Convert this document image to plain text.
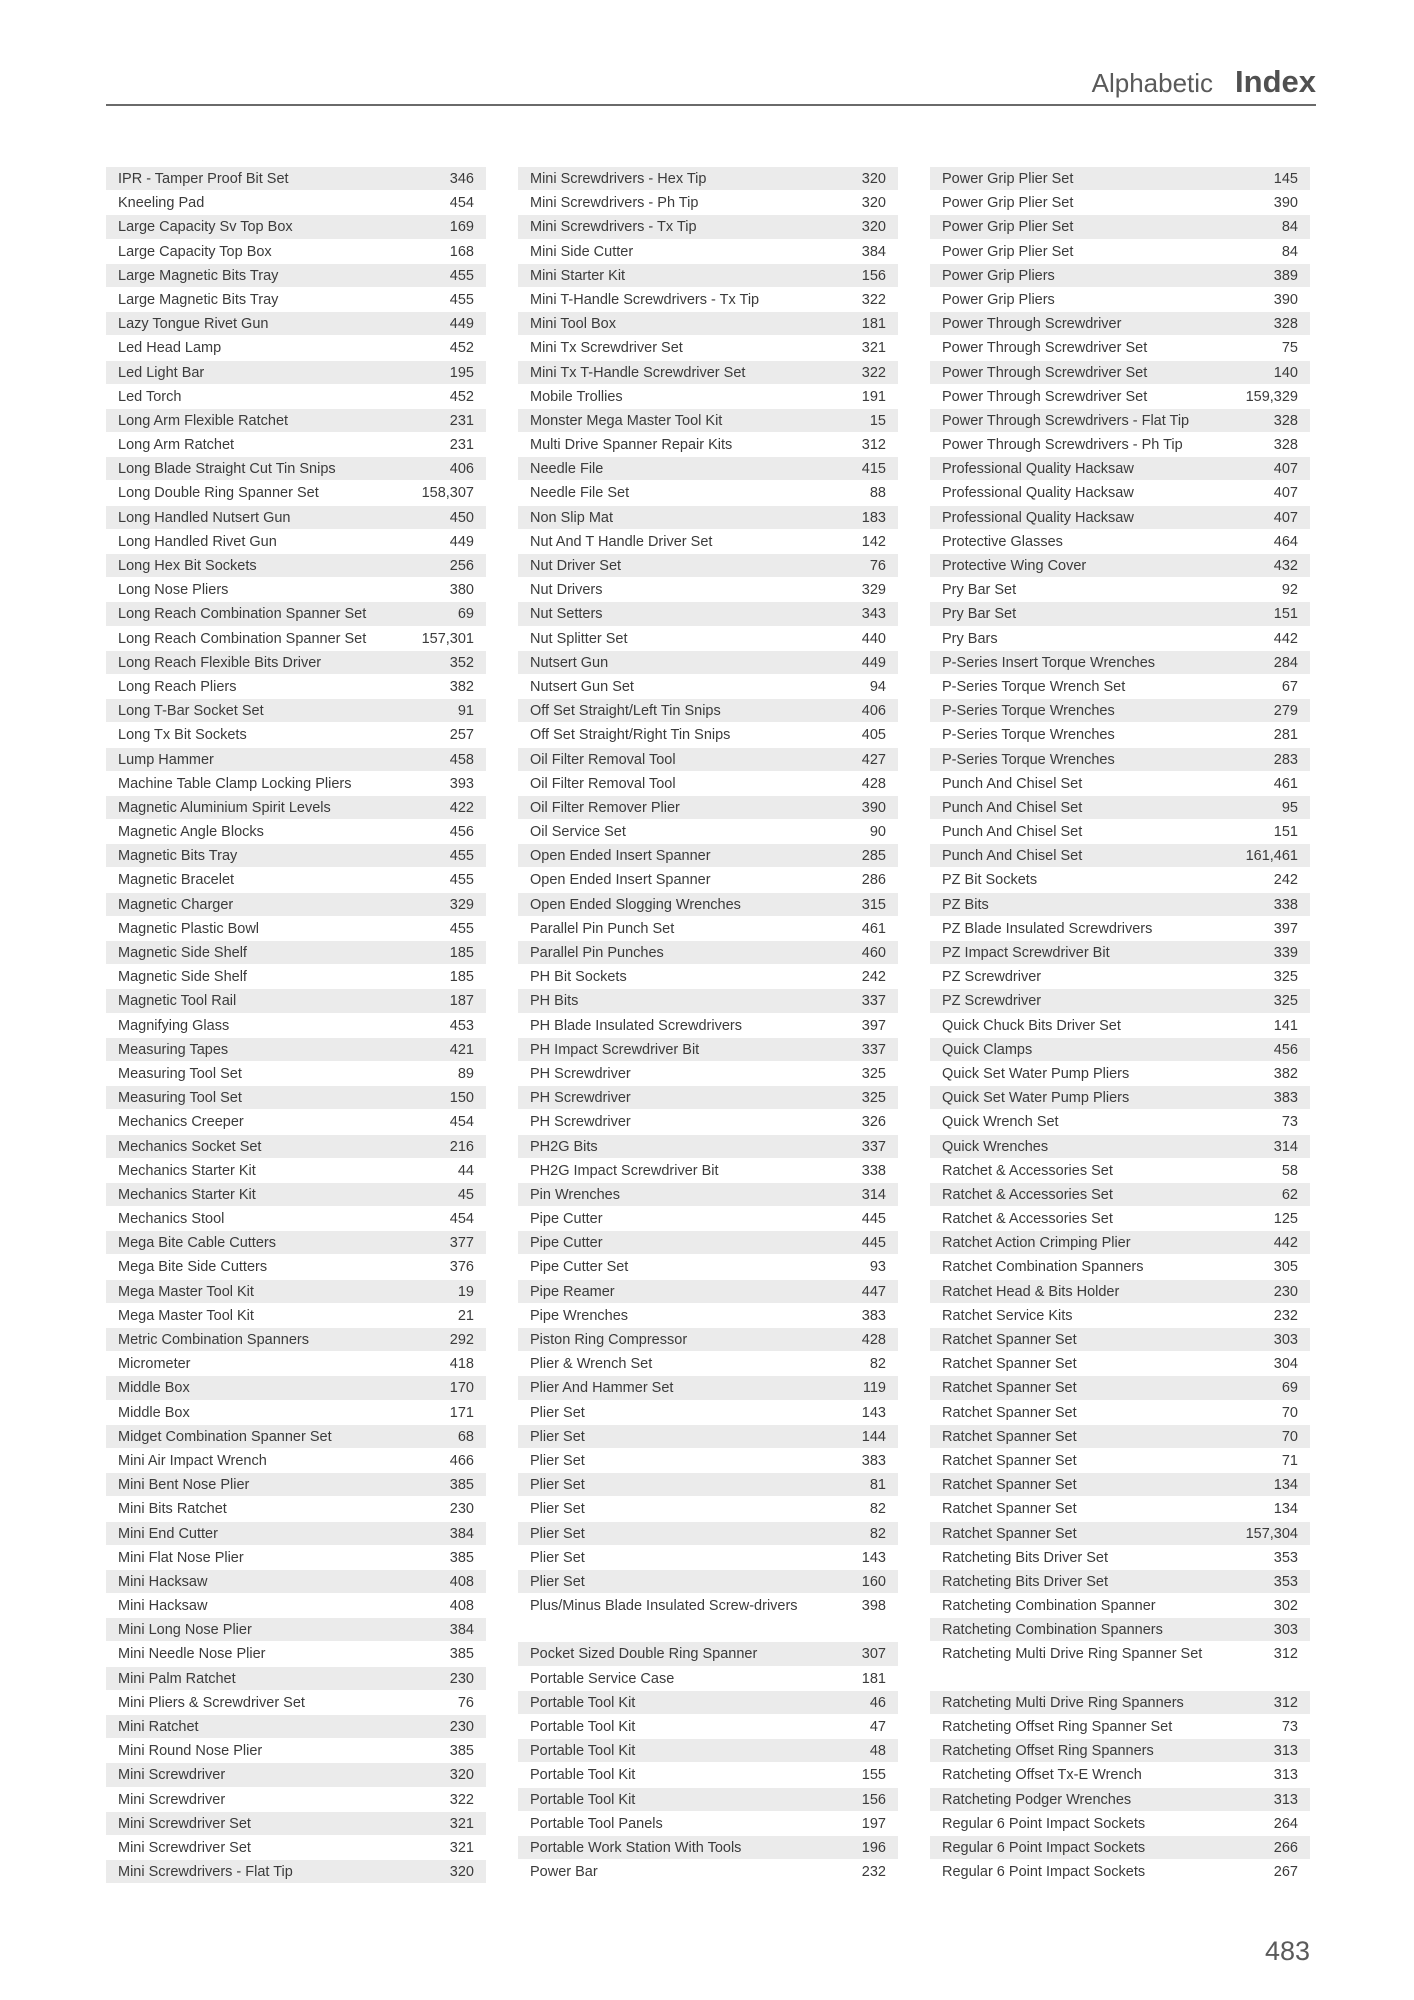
Alphabetic Index
IPR - Tamper Proof Bit Set	346
Kneeling Pad	454
Large Capacity Sv Top Box	169
Large Capacity Top Box	168
Large Magnetic Bits Tray	455
Large Magnetic Bits Tray	455
Lazy Tongue Rivet Gun	449
Led Head Lamp	452
Led Light Bar	195
Led Torch	452
Long Arm Flexible Ratchet	231
Long Arm Ratchet	231
Long Blade Straight Cut Tin Snips	406
Long Double Ring Spanner Set	158,307
Long Handled Nutsert Gun	450
Long Handled Rivet Gun	449
Long Hex Bit Sockets	256
Long Nose Pliers	380
Long Reach Combination Spanner Set	69
Long Reach Combination Spanner Set	157,301
Long Reach Flexible Bits Driver	352
Long Reach Pliers	382
Long T-Bar Socket Set	91
Long Tx Bit Sockets	257
Lump Hammer	458
Machine Table Clamp Locking Pliers	393
Magnetic Aluminium Spirit Levels	422
Magnetic Angle Blocks	456
Magnetic Bits Tray	455
Magnetic Bracelet	455
Magnetic Charger	329
Magnetic Plastic Bowl	455
Magnetic Side Shelf	185
Magnetic Side Shelf	185
Magnetic Tool Rail	187
Magnifying Glass	453
Measuring Tapes	421
Measuring Tool Set	89
Measuring Tool Set	150
Mechanics Creeper	454
Mechanics Socket Set	216
Mechanics Starter Kit	44
Mechanics Starter Kit	45
Mechanics Stool	454
Mega Bite Cable Cutters	377
Mega Bite Side Cutters	376
Mega Master Tool Kit	19
Mega Master Tool Kit	21
Metric Combination Spanners	292
Micrometer	418
Middle Box	170
Middle Box	171
Midget Combination Spanner Set	68
Mini Air Impact Wrench	466
Mini Bent Nose Plier	385
Mini Bits Ratchet	230
Mini End Cutter	384
Mini Flat Nose Plier	385
Mini Hacksaw	408
Mini Hacksaw	408
Mini Long Nose Plier	384
Mini Needle Nose Plier	385
Mini Palm Ratchet	230
Mini Pliers & Screwdriver Set	76
Mini Ratchet	230
Mini Round Nose Plier	385
Mini Screwdriver	320
Mini Screwdriver	322
Mini Screwdriver Set	321
Mini Screwdriver Set	321
Mini Screwdrivers - Flat Tip	320
Mini Screwdrivers - Hex Tip	320
Mini Screwdrivers - Ph Tip	320
Mini Screwdrivers - Tx Tip	320
Mini Side Cutter	384
Mini Starter Kit	156
Mini T-Handle Screwdrivers - Tx Tip	322
Mini Tool Box	181
Mini Tx Screwdriver Set	321
Mini Tx T-Handle Screwdriver Set	322
Mobile Trollies	191
Monster Mega Master Tool Kit	15
Multi Drive Spanner Repair Kits	312
Needle File	415
Needle File Set	88
Non Slip Mat	183
Nut And T Handle Driver Set	142
Nut Driver Set	76
Nut Drivers	329
Nut Setters	343
Nut Splitter Set	440
Nutsert Gun	449
Nutsert Gun Set	94
Off Set Straight/Left Tin Snips	406
Off Set Straight/Right Tin Snips	405
Oil Filter Removal Tool	427
Oil Filter Removal Tool	428
Oil Filter Remover Plier	390
Oil Service Set	90
Open Ended Insert Spanner	285
Open Ended Insert Spanner	286
Open Ended Slogging Wrenches	315
Parallel Pin Punch Set	461
Parallel Pin Punches	460
PH Bit Sockets	242
PH Bits	337
PH Blade Insulated Screwdrivers	397
PH Impact Screwdriver Bit	337
PH Screwdriver	325
PH Screwdriver	325
PH Screwdriver	326
PH2G Bits	337
PH2G Impact Screwdriver Bit	338
Pin Wrenches	314
Pipe Cutter	445
Pipe Cutter	445
Pipe Cutter Set	93
Pipe Reamer	447
Pipe Wrenches	383
Piston Ring Compressor	428
Plier & Wrench Set	82
Plier And Hammer Set	119
Plier Set	143
Plier Set	144
Plier Set	383
Plier Set	81
Plier Set	82
Plier Set	82
Plier Set	143
Plier Set	160
Plus/Minus Blade Insulated Screw-drivers	398
Pocket Sized Double Ring Spanner	307
Portable Service Case	181
Portable Tool Kit	46
Portable Tool Kit	47
Portable Tool Kit	48
Portable Tool Kit	155
Portable Tool Kit	156
Portable Tool Panels	197
Portable Work Station With Tools	196
Power Bar	232
Power Grip Plier Set	145
Power Grip Plier Set	390
Power Grip Plier Set	84
Power Grip Plier Set	84
Power Grip Pliers	389
Power Grip Pliers	390
Power Through Screwdriver	328
Power Through Screwdriver Set	75
Power Through Screwdriver Set	140
Power Through Screwdriver Set	159,329
Power Through Screwdrivers - Flat Tip	328
Power Through Screwdrivers - Ph Tip	328
Professional Quality Hacksaw	407
Professional Quality Hacksaw	407
Professional Quality Hacksaw	407
Protective Glasses	464
Protective Wing Cover	432
Pry Bar Set	92
Pry Bar Set	151
Pry Bars	442
P-Series Insert Torque Wrenches	284
P-Series Torque Wrench Set	67
P-Series Torque Wrenches	279
P-Series Torque Wrenches	281
P-Series Torque Wrenches	283
Punch And Chisel Set	461
Punch And Chisel Set	95
Punch And Chisel Set	151
Punch And Chisel Set	161,461
PZ Bit Sockets	242
PZ Bits	338
PZ Blade Insulated Screwdrivers	397
PZ Impact Screwdriver Bit	339
PZ Screwdriver	325
PZ Screwdriver	325
Quick Chuck Bits Driver Set	141
Quick Clamps	456
Quick Set Water Pump Pliers	382
Quick Set Water Pump Pliers	383
Quick Wrench Set	73
Quick Wrenches	314
Ratchet & Accessories Set	58
Ratchet & Accessories Set	62
Ratchet & Accessories Set	125
Ratchet Action Crimping Plier	442
Ratchet Combination Spanners	305
Ratchet Head & Bits Holder	230
Ratchet Service Kits	232
Ratchet Spanner Set	303
Ratchet Spanner Set	304
Ratchet Spanner Set	69
Ratchet Spanner Set	70
Ratchet Spanner Set	70
Ratchet Spanner Set	71
Ratchet Spanner Set	134
Ratchet Spanner Set	134
Ratchet Spanner Set	157,304
Ratcheting Bits Driver Set	353
Ratcheting Bits Driver Set	353
Ratcheting Combination Spanner	302
Ratcheting Combination Spanners	303
Ratcheting Multi Drive Ring Spanner Set	312
Ratcheting Multi Drive Ring Spanners	312
Ratcheting Offset Ring Spanner Set	73
Ratcheting Offset Ring Spanners	313
Ratcheting Offset Tx-E Wrench	313
Ratcheting Podger Wrenches	313
Regular 6 Point Impact Sockets	264
Regular 6 Point Impact Sockets	266
Regular 6 Point Impact Sockets	267
483
